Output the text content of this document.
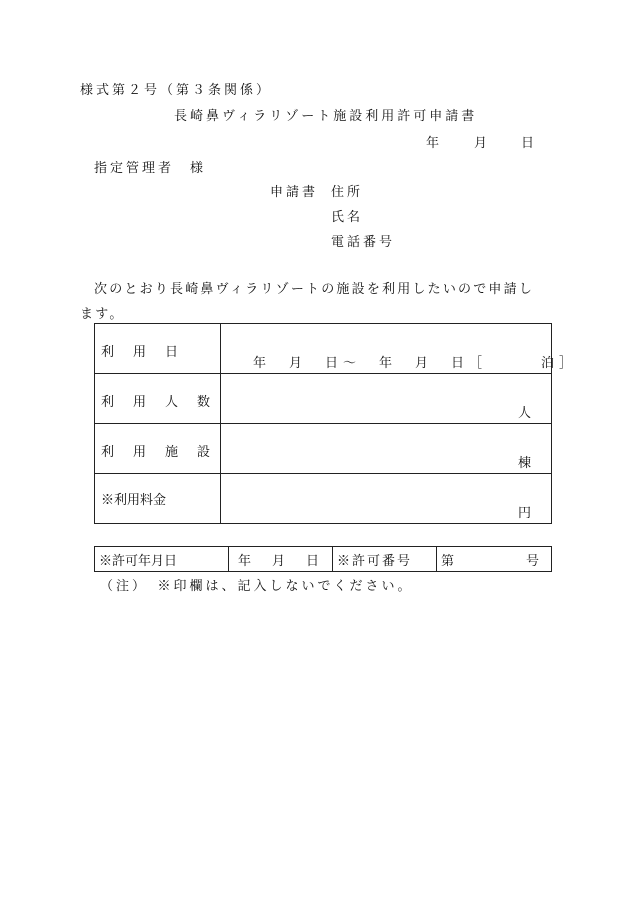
様式第２号（第３条関係）
長崎鼻ヴィラリゾート施設利用許可申請書
年	月	日
指定管理者　様
申請書 住所
氏名
電話番号
次のとおり長崎鼻ヴィラリゾートの施設を利用したいので申請し
ます。
利　用　日	年　月　日～　年　月　日［　　　泊］

利　用　人　数	人

利　用　施　設	棟

※利用料金	円
※許可年月日	年　月　日	※許可番号	第　　　　号
（注）　※印欄は、記入しないでください。
